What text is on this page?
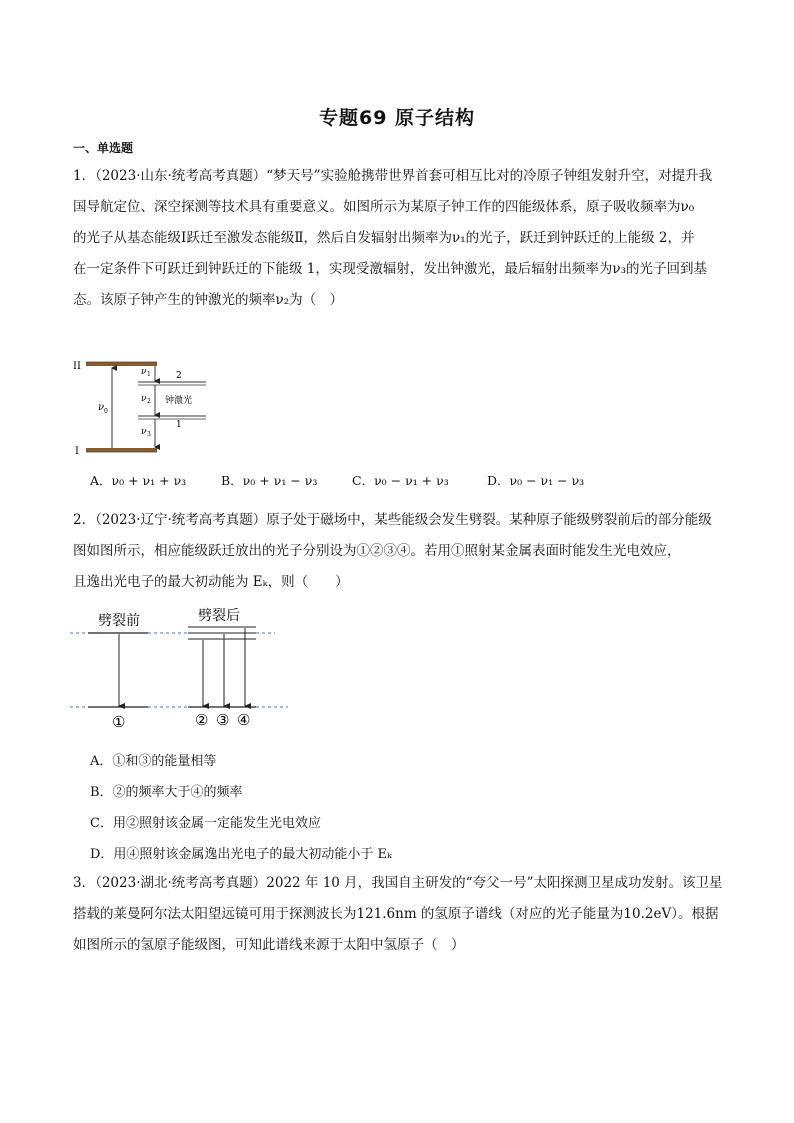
专题69 原子结构
一、单选题
1．（2023·山东·统考高考真题）“梦天号”实验舱携带世界首套可相互比对的冷原子钟组发射升空，对提升我
国导航定位、深空探测等技术具有重要意义。如图所示为某原子钟工作的四能级体系，原子吸收频率为ν₀
的光子从基态能级Ⅰ跃迁至激发态能级Ⅱ，然后自发辐射出频率为ν₁的光子，跃迁到钟跃迁的上能级 2，并
在一定条件下可跃迁到钟跃迁的下能级 1，实现受激辐射，发出钟激光，最后辐射出频率为ν₃的光子回到基
态。该原子钟产生的钟激光的频率ν₂为（　）
II
I
2
1
钟激光
ν 0
ν 1
ν 2
ν 3
A．ν₀ + ν₁ + ν₃	B．ν₀ + ν₁ − ν₃	C．ν₀ − ν₁ + ν₃	D．ν₀ − ν₁ − ν₃
2．（2023·辽宁·统考高考真题）原子处于磁场中，某些能级会发生劈裂。某种原子能级劈裂前后的部分能级
图如图所示，相应能级跃迁放出的光子分别设为①②③④。若用①照射某金属表面时能发生光电效应，
且逸出光电子的最大初动能为 Eₖ，则（　　）
劈裂前	劈裂后
①	② ③ ④
A．①和③的能量相等
B．②的频率大于④的频率
C．用②照射该金属一定能发生光电效应
D．用④照射该金属逸出光电子的最大初动能小于 Eₖ
3．（2023·湖北·统考高考真题）2022 年 10 月，我国自主研发的“夸父一号”太阳探测卫星成功发射。该卫星
搭载的莱曼阿尔法太阳望远镜可用于探测波长为121.6nm 的氢原子谱线（对应的光子能量为10.2eV）。根据
如图所示的氢原子能级图，可知此谱线来源于太阳中氢原子（　）
